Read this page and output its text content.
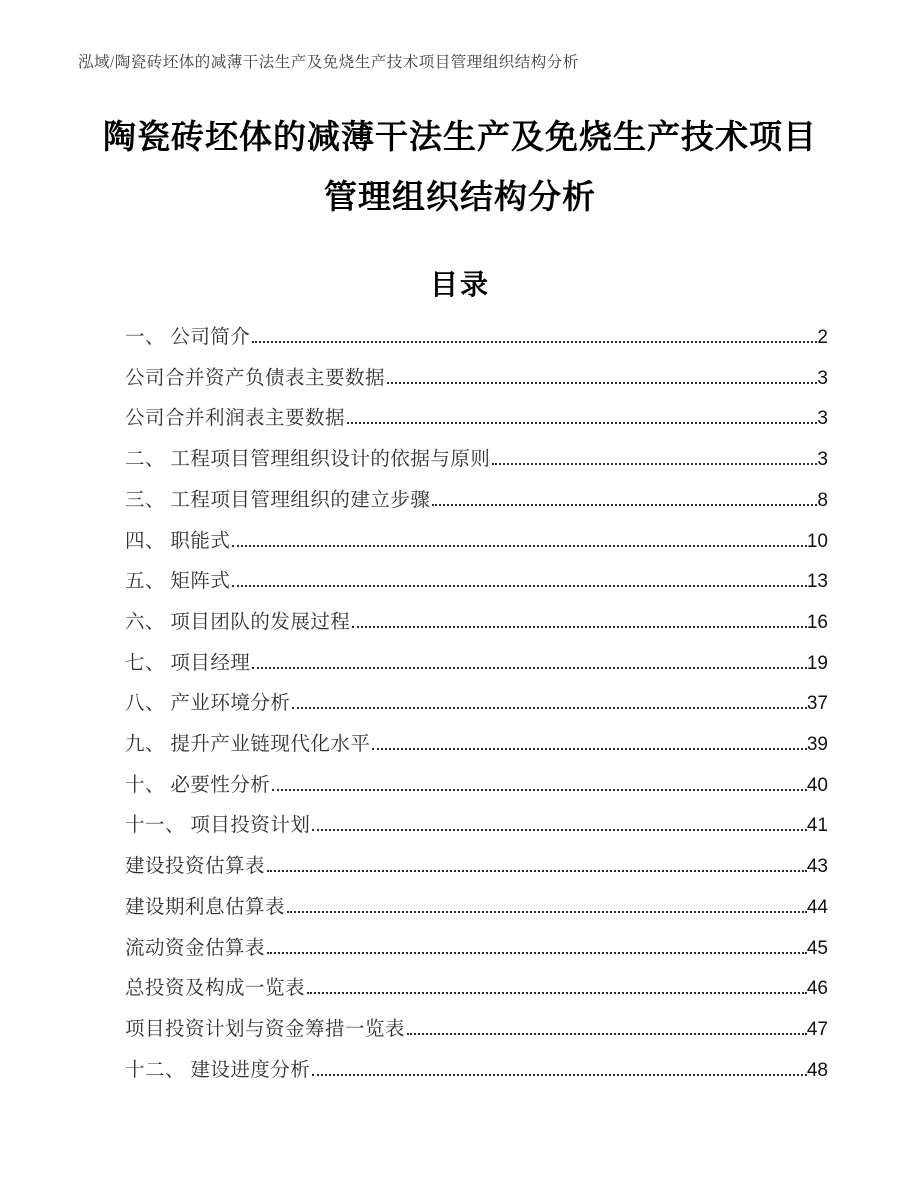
泓域/陶瓷砖坯体的减薄干法生产及免烧生产技术项目管理组织结构分析
陶瓷砖坯体的减薄干法生产及免烧生产技术项目
管理组织结构分析
目录
一、 公司简介	2
公司合并资产负债表主要数据	3
公司合并利润表主要数据	3
二、 工程项目管理组织设计的依据与原则	3
三、 工程项目管理组织的建立步骤	8
四、 职能式	10
五、 矩阵式	13
六、 项目团队的发展过程	16
七、 项目经理	19
八、 产业环境分析	37
九、 提升产业链现代化水平	39
十、 必要性分析	40
十一、 项目投资计划	41
建设投资估算表	43
建设期利息估算表	44
流动资金估算表	45
总投资及构成一览表	46
项目投资计划与资金筹措一览表	47
十二、 建设进度分析	48
